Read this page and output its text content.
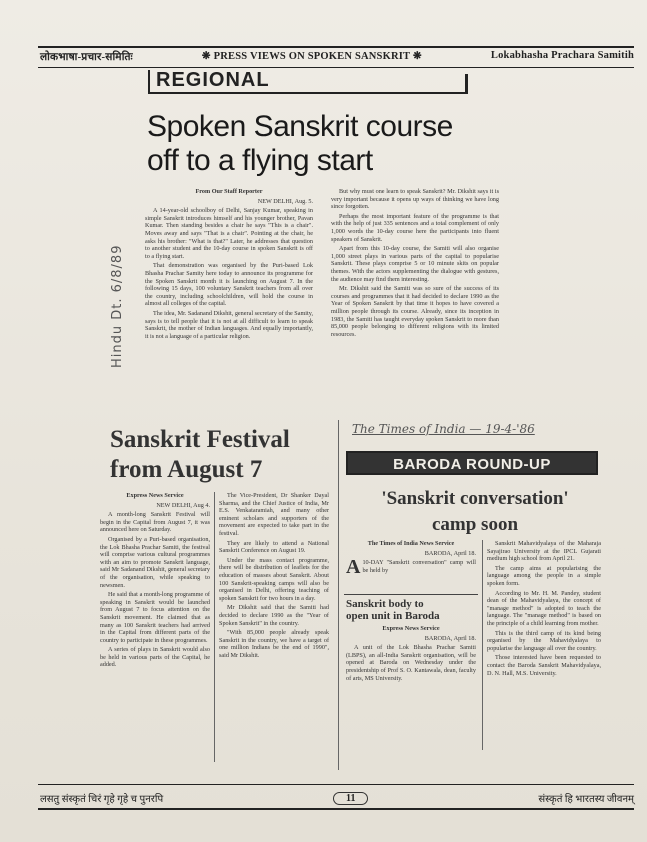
लोकभाषा-प्रचार-समितिः	❋ PRESS VIEWS ON SPOKEN SANSKRIT ❋	Lokabhasha Prachara Samitih
REGIONAL
Spoken Sanskrit course
off to a flying start

From Our Staff Reporter

NEW DELHI, Aug. 5.

A 14-year-old schoolboy of Delhi, Sanjay Kumar, speaking in simple Sanskrit introduces himself and his younger brother, Pavan Kumar. Then standing besides a chair he says "This is a chair". Moves away and says "That is a chair". Pointing at the chair, he asks his brother: "What is that?" Later, he addresses that question to another student and the 10-day course in spoken Sanskrit is off to a flying start.

That demonstration was organised by the Puri-based Lok Bhasha Prachar Samity here today to announce its programme for the Spoken Sanskrit month it is launching on August 7. In the following 15 days, 100 voluntary Sanskrit teachers from all over the country, including schoolchildren, will hold the course in almost all colleges of the capital.

The idea, Mr. Sadanand Dikshit, general secretary of the Samity, says is to tell people that it is not at all difficult to learn to speak Sanskrit, the mother of Indian languages. And equally importantly, it is not a language of a particular religion.

But why must one learn to speak Sanskrit? Mr. Dikshit says it is very important because it opens up ways of thinking we have long since forgotten.

Perhaps the most important feature of the programme is that with the help of just 335 sentences and a total complement of only 1,000 words the 10-day course here the participants into fluent speakers of Sanskrit.

Apart from this 10-day course, the Samiti will also organise 1,000 street plays in various parts of the capital to popularise Sanskrit. These plays comprise 5 or 10 minute skits on popular themes. With the actors supplementing the dialogue with gestures, the audience may find them interesting.

Mr. Dikshit said the Samiti was so sure of the success of its courses and programmes that it had decided to declare 1990 as the Year of Spoken Sanskrit by that time it hopes to have covered a million people through its course. Already, since its inception in 1983, the Samiti has taught everyday spoken Sanskrit to more than 85,000 people belonging to different religions with its limited resources.

Hindu Dt. 6/8/89
Sanskrit Festival
from August 7

Express News Service

NEW DELHI, Aug 4.

A month-long Sanskrit Festival will begin in the Capital from August 7, it was announced here on Saturday.

Organised by a Puri-based organisation, the Lok Bhasha Prachar Samiti, the festival will comprise various cultural programmes with an aim to promote Sanskrit language, said Mr Sadanand Dikshit, general secretary of the organisation, while speaking to newsmen.

He said that a month-long programme of speaking in Sanskrit would be launched from August 7 to focus attention on the Sanskrit movement. He claimed that as many as 100 Sanskrit teachers had arrived in the Capital from different parts of the country to participate in these programmes.

A series of plays in Sanskrit would also be held in various parts of the Capital, he added.

The Vice-President, Dr Shanker Dayal Sharma, and the Chief Justice of India, Mr E.S. Venkataramiah, and many other eminent scholars and supporters of the movement are expected to take part in the festival.

They are likely to attend a National Sanskrit Conference on August 19.

Under the mass contact programme, there will be distribution of leaflets for the education of masses about Sanskrit. About 100 Sanskrit-speaking camps will also be organised in Delhi, offering teaching of spoken Sanskrit for two hours in a day.

Mr Dikshit said that the Samiti had decided to declare 1990 as the "Year of Spoken Sanskrit" in the country.

"With 85,000 people already speak Sanskrit in the country, we have a target of one million Indians be the end of 1990", said Mr Dikshit.

The Times of India — 19-4-'86
BARODA ROUND-UP
'Sanskrit conversation'
camp soon

The Times of India News Service

BARODA, April 18.

A 10-DAY "Sanskrit conversation" camp will be held by

Sanskrit body to
open unit in Baroda

Express News Service

BARODA, April 18.

A unit of the Lok Bhasha Prachar Samiti (LBPS), an all-India Sanskrit organisation, will be opened at Baroda on Wednesday under the presidentship of Prof S. O. Kantawala, dean, faculty of arts, MS University.

Sanskrit Mahavidyalaya of the Maharaja Sayajirao University at the IPCL Gujarati medium high school from April 21.

The camp aims at popularising the language among the people in a simple spoken form.

According to Mr. H. M. Pandey, student dean of the Mahavidyalaya, the concept of "manage method" is adopted to teach the language. The "manage method" is based on the principle of a child learning from mother.

This is the third camp of its kind being organised by the Mahavidyalaya to popularise the language all over the country.

Those interested have been requested to contact the Baroda Sanskrit Mahavidyalaya, D. N. Hall, M.S. University.

लसतु संस्कृतं चिरं गृहे गृहे च पुनरपि	11	संस्कृतं हि भारतस्य जीवनम्
